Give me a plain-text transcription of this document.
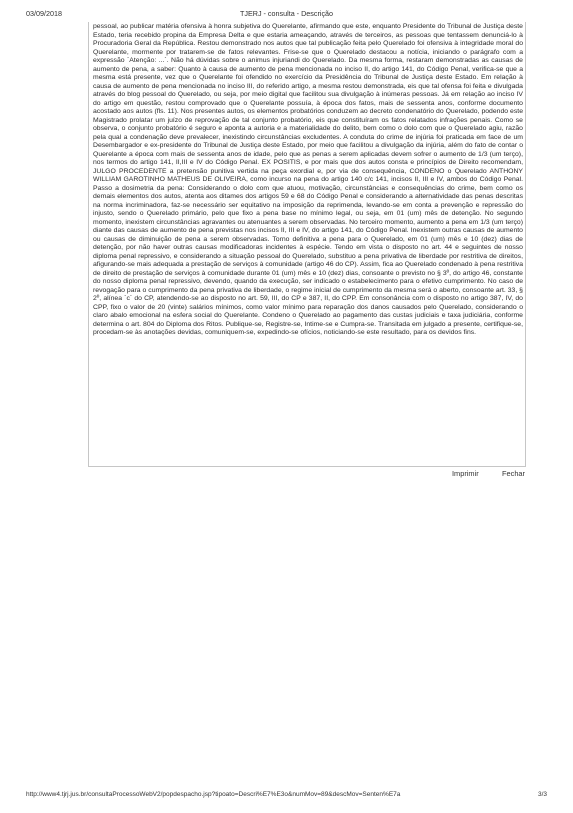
03/09/2018	TJERJ - consulta - Descrição
pessoal, ao publicar matéria ofensiva à honra subjetiva do Querelante, afirmando que este, enquanto Presidente do Tribunal de Justiça deste Estado, teria recebido propina da Empresa Delta e que estaria ameaçando, através de terceiros, as pessoas que tentassem denunciá-lo à Procuradoria Geral da República. Restou demonstrado nos autos que tal publicação feita pelo Querelado foi ofensiva à integridade moral do Querelante, mormente por tratarem-se de fatos relevantes. Frise-se que o Querelado destacou a notícia, iniciando o parágrafo com a expressão `Atenção: ...`. Não há dúvidas sobre o animus injuriandi do Querelado. Da mesma forma, restaram demonstradas as causas de aumento de pena, a saber: Quanto à causa de aumento de pena mencionada no inciso II, do artigo 141, do Código Penal, verifica-se que a mesma está presente, vez que o Querelante foi ofendido no exercício da Presidência do Tribunal de Justiça deste Estado. Em relação à causa de aumento de pena mencionada no inciso III, do referido artigo, a mesma restou demonstrada, eis que tal ofensa foi feita e divulgada através do blog pessoal do Querelado, ou seja, por meio digital que facilitou sua divulgação à inúmeras pessoas. Já em relação ao inciso IV do artigo em questão, restou comprovado que o Querelante possuía, à época dos fatos, mais de sessenta anos, conforme documento acostado aos autos (fls. 11). Nos presentes autos, os elementos probatórios conduzem ao decreto condenatório do Querelado, podendo este Magistrado prolatar um juízo de reprovação de tal conjunto probatório, eis que constituíram os fatos relatados infrações penais. Como se observa, o conjunto probatório é seguro e aponta a autoria e a materialidade do delito, bem como o dolo com que o Querelado agiu, razão pela qual a condenação deve prevalecer, inexistindo circunstâncias excludentes. A conduta do crime de injúria foi praticada em face de um Desembargador e ex-presidente do Tribunal de Justiça deste Estado, por meio que facilitou a divulgação da injúria, além do fato de contar o Querelante a época com mais de sessenta anos de idade, pelo que as penas a serem aplicadas devem sofrer o aumento de 1/3 (um terço), nos termos do artigo 141, II,III e IV do Código Penal. EX POSITIS, e por mais que dos autos consta e princípios de Direito recomendam, JULGO PROCEDENTE a pretensão punitiva vertida na peça exordial e, por via de consequência, CONDENO o Querelado ANTHONY WILLIAM GAROTINHO MATHEUS DE OLIVEIRA, como incurso na pena do artigo 140 c/c 141, incisos II, III e IV, ambos do Código Penal. Passo a dosimetria da pena: Considerando o dolo com que atuou, motivação, circunstâncias e consequências do crime, bem como os demais elementos dos autos, atenta aos ditames dos artigos 59 e 68 do Código Penal e considerando a alternatividade das penas descritas na norma incriminadora, faz-se necessário ser equitativo na imposição da reprimenda, levando-se em conta a prevenção e repressão do injusto, sendo o Querelado primário, pelo que fixo a pena base no mínimo legal, ou seja, em 01 (um) mês de detenção. No segundo momento, inexistem circunstâncias agravantes ou atenuantes a serem observadas. No terceiro momento, aumento a pena em 1/3 (um terço) diante das causas de aumento de pena previstas nos incisos II, III e IV, do artigo 141, do Código Penal. Inexistem outras causas de aumento ou causas de diminuição de pena a serem observadas. Torno definitiva a pena para o Querelado, em 01 (um) mês e 10 (dez) dias de detenção, por não haver outras causas modificadoras incidentes à espécie. Tendo em vista o disposto no art. 44 e seguintes de nosso diploma penal repressivo, e considerando a situação pessoal do Querelado, substituo a pena privativa de liberdade por restritiva de direitos, afigurando-se mais adequada a prestação de serviços à comunidade (artigo 46 do CP). Assim, fica ao Querelado condenado à pena restritiva de direito de prestação de serviços à comunidade durante 01 (um) mês e 10 (dez) dias, consoante o previsto no § 3º, do artigo 46, constante do nosso diploma penal repressivo, devendo, quando da execução, ser indicado o estabelecimento para o efetivo cumprimento. No caso de revogação para o cumprimento da pena privativa de liberdade, o regime inicial de cumprimento da mesma será o aberto, consoante art. 33, § 2º, alínea `c` do CP, atendendo-se ao disposto no art. 59, III, do CP e 387, II, do CPP. Em consonância com o disposto no artigo 387, IV, do CPP, fixo o valor de 20 (vinte) salários mínimos, como valor mínimo para reparação dos danos causados pelo Querelado, considerando o claro abalo emocional na esfera social do Querelante. Condeno o Querelado ao pagamento das custas judiciais e taxa judiciária, conforme determina o art. 804 do Diploma dos Ritos. Publique-se, Registre-se, Intime-se e Cumpra-se. Transitada em julgado a presente, certifique-se, procedam-se às anotações devidas, comuniquem-se, expedindo-se ofícios, noticiando-se este resultado, para os devidos fins.
Imprimir	Fechar
http://www4.tjrj.jus.br/consultaProcessoWebV2/popdespacho.jsp?tipoato=Descri%E7%E3o&numMov=89&descMov=Senten%E7a	3/3
